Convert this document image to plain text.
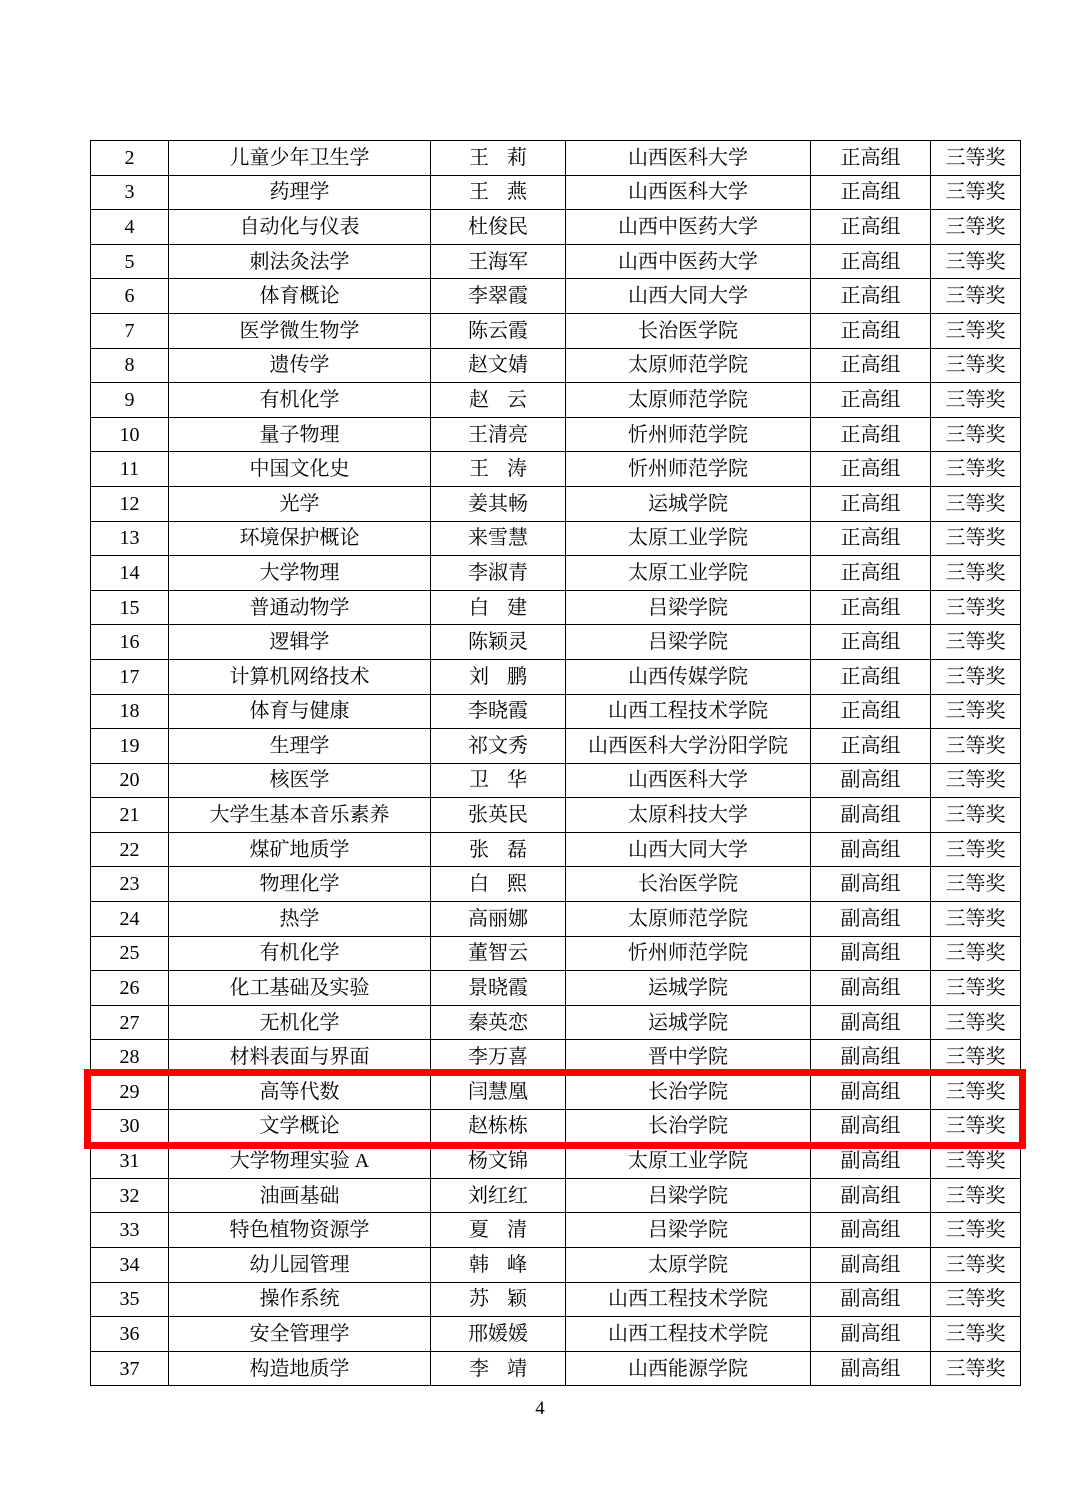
2	儿童少年卫生学	王莉	山西医科大学	正高组	三等奖
3	药理学	王燕	山西医科大学	正高组	三等奖
4	自动化与仪表	杜俊民	山西中医药大学	正高组	三等奖
5	刺法灸法学	王海军	山西中医药大学	正高组	三等奖
6	体育概论	李翠霞	山西大同大学	正高组	三等奖
7	医学微生物学	陈云霞	长治医学院	正高组	三等奖
8	遗传学	赵文婧	太原师范学院	正高组	三等奖
9	有机化学	赵云	太原师范学院	正高组	三等奖
10	量子物理	王清亮	忻州师范学院	正高组	三等奖
11	中国文化史	王涛	忻州师范学院	正高组	三等奖
12	光学	姜其畅	运城学院	正高组	三等奖
13	环境保护概论	来雪慧	太原工业学院	正高组	三等奖
14	大学物理	李淑青	太原工业学院	正高组	三等奖
15	普通动物学	白建	吕梁学院	正高组	三等奖
16	逻辑学	陈颖灵	吕梁学院	正高组	三等奖
17	计算机网络技术	刘鹏	山西传媒学院	正高组	三等奖
18	体育与健康	李晓霞	山西工程技术学院	正高组	三等奖
19	生理学	祁文秀	山西医科大学汾阳学院	正高组	三等奖
20	核医学	卫华	山西医科大学	副高组	三等奖
21	大学生基本音乐素养	张英民	太原科技大学	副高组	三等奖
22	煤矿地质学	张磊	山西大同大学	副高组	三等奖
23	物理化学	白熙	长治医学院	副高组	三等奖
24	热学	高丽娜	太原师范学院	副高组	三等奖
25	有机化学	董智云	忻州师范学院	副高组	三等奖
26	化工基础及实验	景晓霞	运城学院	副高组	三等奖
27	无机化学	秦英恋	运城学院	副高组	三等奖
28	材料表面与界面	李万喜	晋中学院	副高组	三等奖
29	高等代数	闫慧凰	长治学院	副高组	三等奖
30	文学概论	赵栋栋	长治学院	副高组	三等奖
31	大学物理实验 A	杨文锦	太原工业学院	副高组	三等奖
32	油画基础	刘红红	吕梁学院	副高组	三等奖
33	特色植物资源学	夏清	吕梁学院	副高组	三等奖
34	幼儿园管理	韩峰	太原学院	副高组	三等奖
35	操作系统	苏颖	山西工程技术学院	副高组	三等奖
36	安全管理学	邢媛媛	山西工程技术学院	副高组	三等奖
37	构造地质学	李靖	山西能源学院	副高组	三等奖
4
